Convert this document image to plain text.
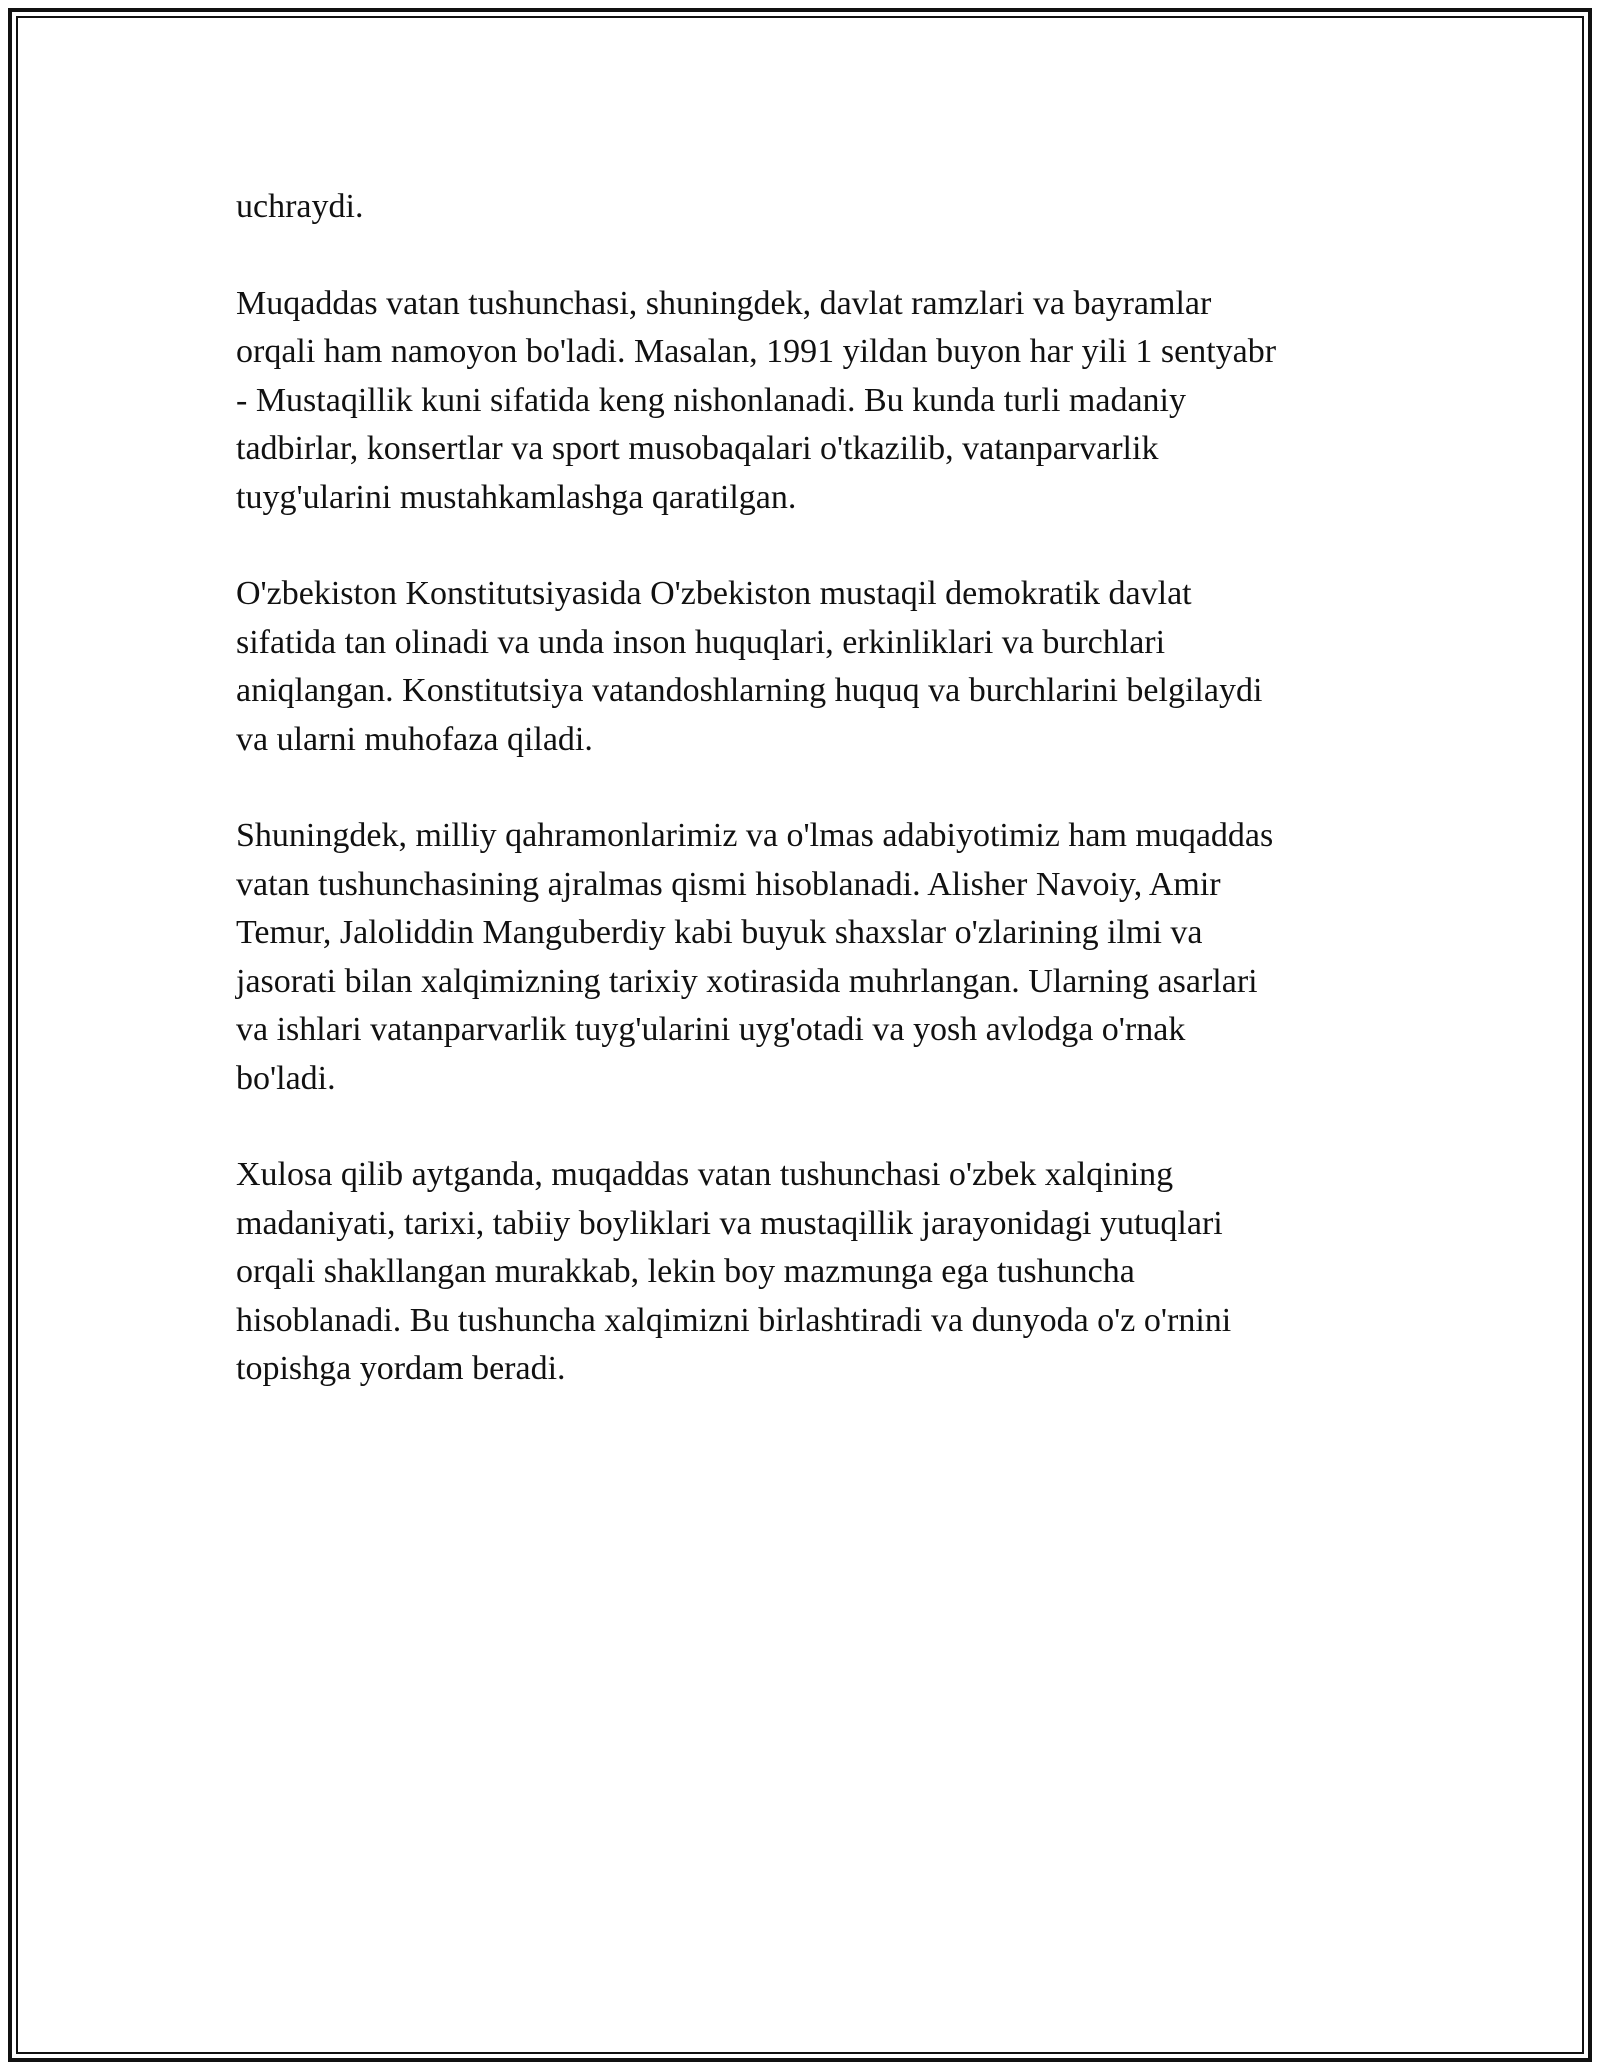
uchraydi.

Muqaddas vatan tushunchasi, shuningdek, davlat ramzlari va bayramlar
orqali ham namoyon bo'ladi. Masalan, 1991 yildan buyon har yili 1 sentyabr
- Mustaqillik kuni sifatida keng nishonlanadi. Bu kunda turli madaniy
tadbirlar, konsertlar va sport musobaqalari o'tkazilib, vatanparvarlik
tuyg'ularini mustahkamlashga qaratilgan.

O'zbekiston Konstitutsiyasida O'zbekiston mustaqil demokratik davlat
sifatida tan olinadi va unda inson huquqlari, erkinliklari va burchlari
aniqlangan. Konstitutsiya vatandoshlarning huquq va burchlarini belgilaydi
va ularni muhofaza qiladi.

Shuningdek, milliy qahramonlarimiz va o'lmas adabiyotimiz ham muqaddas
vatan tushunchasining ajralmas qismi hisoblanadi. Alisher Navoiy, Amir
Temur, Jaloliddin Manguberdiy kabi buyuk shaxslar o'zlarining ilmi va
jasorati bilan xalqimizning tarixiy xotirasida muhrlangan. Ularning asarlari
va ishlari vatanparvarlik tuyg'ularini uyg'otadi va yosh avlodga o'rnak
bo'ladi.

Xulosa qilib aytganda, muqaddas vatan tushunchasi o'zbek xalqining
madaniyati, tarixi, tabiiy boyliklari va mustaqillik jarayonidagi yutuqlari
orqali shakllangan murakkab, lekin boy mazmunga ega tushuncha
hisoblanadi. Bu tushuncha xalqimizni birlashtiradi va dunyoda o'z o'rnini
topishga yordam beradi.
